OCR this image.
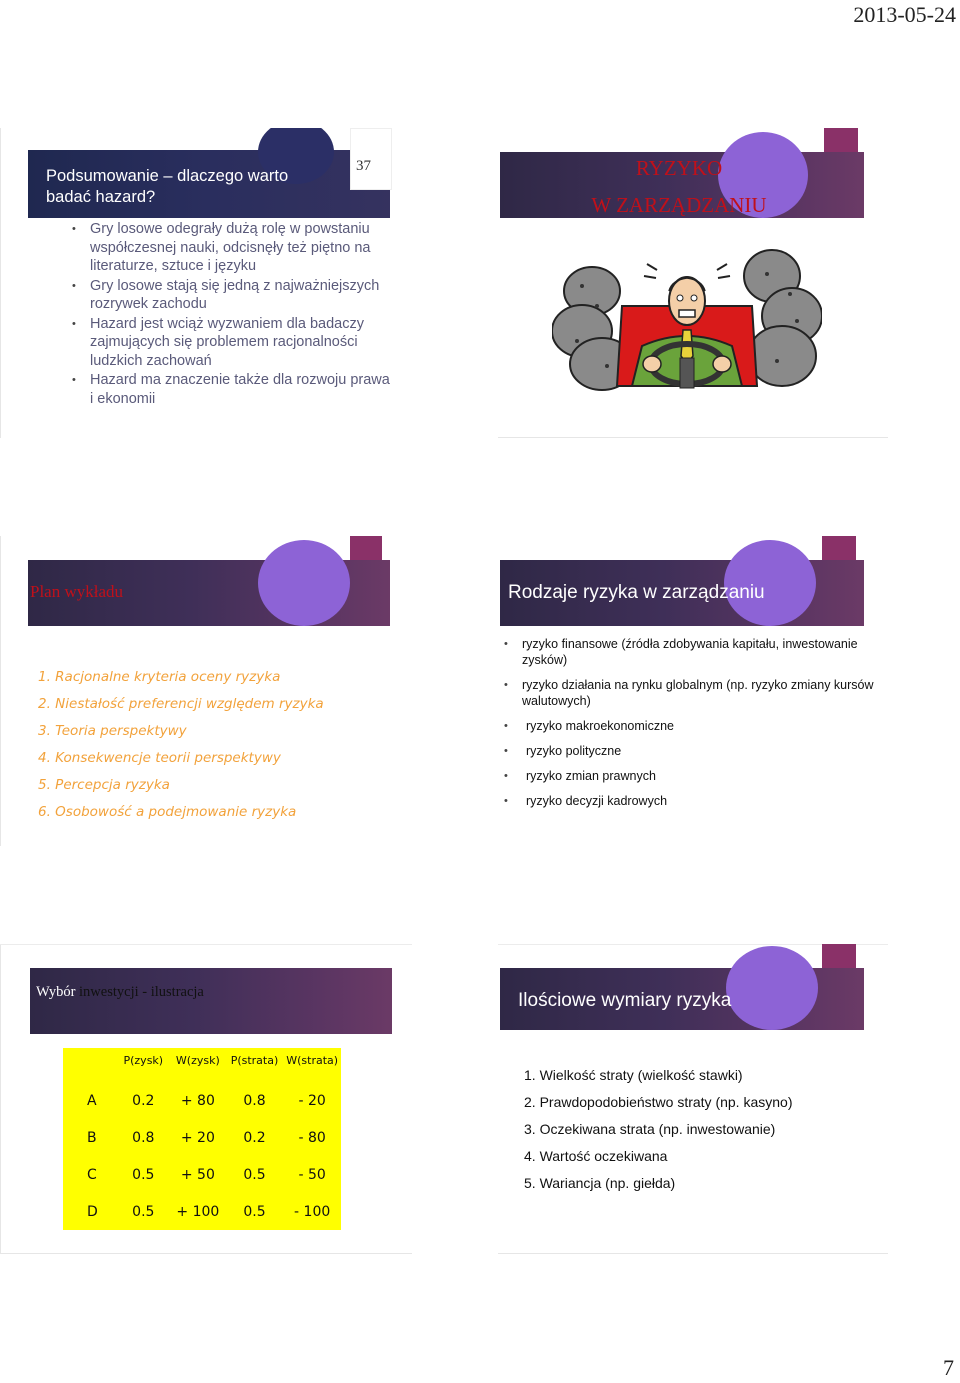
2013-05-24
37
Podsumowanie – dlaczego warto badać hazard?
• Gry losowe odegrały dużą rolę w powstaniu współczesnej nauki, odcisnęły też piętno na literaturze, sztuce i języku
• Gry losowe stają się jedną z najważniejszych rozrywek zachodu
• Hazard jest wciąż wyzwaniem dla badaczy zajmujących się problemem racjonalności ludzkich zachowań
• Hazard ma znaczenie także dla rozwoju prawa i ekonomii
RYZYKO
W ZARZĄDZANIU
Plan wykładu
1. Racjonalne kryteria oceny ryzyka
2. Niestałość preferencji względem ryzyka
3. Teoria perspektywy
4. Konsekwencje teorii perspektywy
5. Percepcja ryzyka
6. Osobowość a podejmowanie ryzyka
Rodzaje ryzyka w zarządzaniu
• ryzyko finansowe (źródła zdobywania kapitału, inwestowanie zysków)
• ryzyko działania na rynku globalnym (np. ryzyko zmiany kursów walutowych)
• ryzyko makroekonomiczne
• ryzyko polityczne
• ryzyko zmian prawnych
• ryzyko decyzji kadrowych
Wybór inwestycji - ilustracja
	P(zysk)	W(zysk)	P(strata)	W(strata)
A	0.2	+ 80	0.8	- 20
B	0.8	+ 20	0.2	- 80
C	0.5	+ 50	0.5	- 50
D	0.5	+ 100	0.5	- 100
Ilościowe wymiary ryzyka
1. Wielkość straty (wielkość stawki)
2. Prawdopodobieństwo straty (np. kasyno)
3. Oczekiwana strata (np. inwestowanie)
4. Wartość oczekiwana
5. Wariancja (np. giełda)
7
